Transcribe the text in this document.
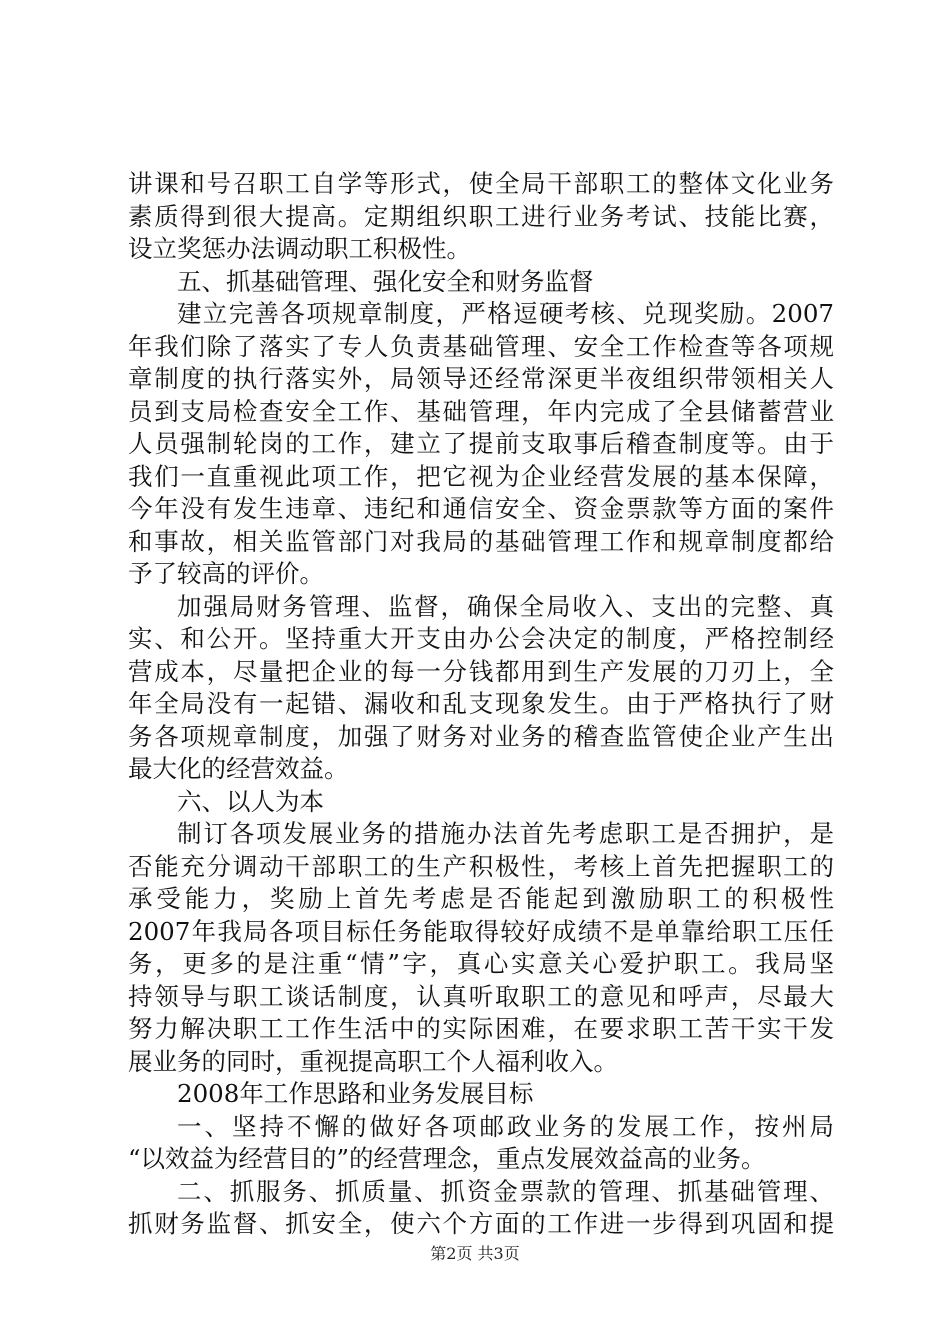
讲课和号召职工自学等形式，使全局干部职工的整体文化业务
素质得到很大提高。定期组织职工进行业务考试、技能比赛，
设立奖惩办法调动职工积极性。
五、抓基础管理、强化安全和财务监督
建立完善各项规章制度，严格逗硬考核、兑现奖励。2007
年我们除了落实了专人负责基础管理、安全工作检查等各项规
章制度的执行落实外，局领导还经常深更半夜组织带领相关人
员到支局检查安全工作、基础管理，年内完成了全县储蓄营业
人员强制轮岗的工作，建立了提前支取事后稽查制度等。由于
我们一直重视此项工作，把它视为企业经营发展的基本保障，
今年没有发生违章、违纪和通信安全、资金票款等方面的案件
和事故，相关监管部门对我局的基础管理工作和规章制度都给
予了较高的评价。
加强局财务管理、监督，确保全局收入、支出的完整、真
实、和公开。坚持重大开支由办公会决定的制度，严格控制经
营成本，尽量把企业的每一分钱都用到生产发展的刀刃上，全
年全局没有一起错、漏收和乱支现象发生。由于严格执行了财
务各项规章制度，加强了财务对业务的稽查监管使企业产生出
最大化的经营效益。
六、以人为本
制订各项发展业务的措施办法首先考虑职工是否拥护，是
否能充分调动干部职工的生产积极性，考核上首先把握职工的
承受能力，奖励上首先考虑是否能起到激励职工的积极性
2007年我局各项目标任务能取得较好成绩不是单靠给职工压任
务，更多的是注重“情”字，真心实意关心爱护职工。我局坚
持领导与职工谈话制度，认真听取职工的意见和呼声，尽最大
努力解决职工工作生活中的实际困难，在要求职工苦干实干发
展业务的同时，重视提高职工个人福利收入。
2008年工作思路和业务发展目标
一、坚持不懈的做好各项邮政业务的发展工作，按州局
“以效益为经营目的”的经营理念，重点发展效益高的业务。
二、抓服务、抓质量、抓资金票款的管理、抓基础管理、
抓财务监督、抓安全，使六个方面的工作进一步得到巩固和提
第2页 共3页
